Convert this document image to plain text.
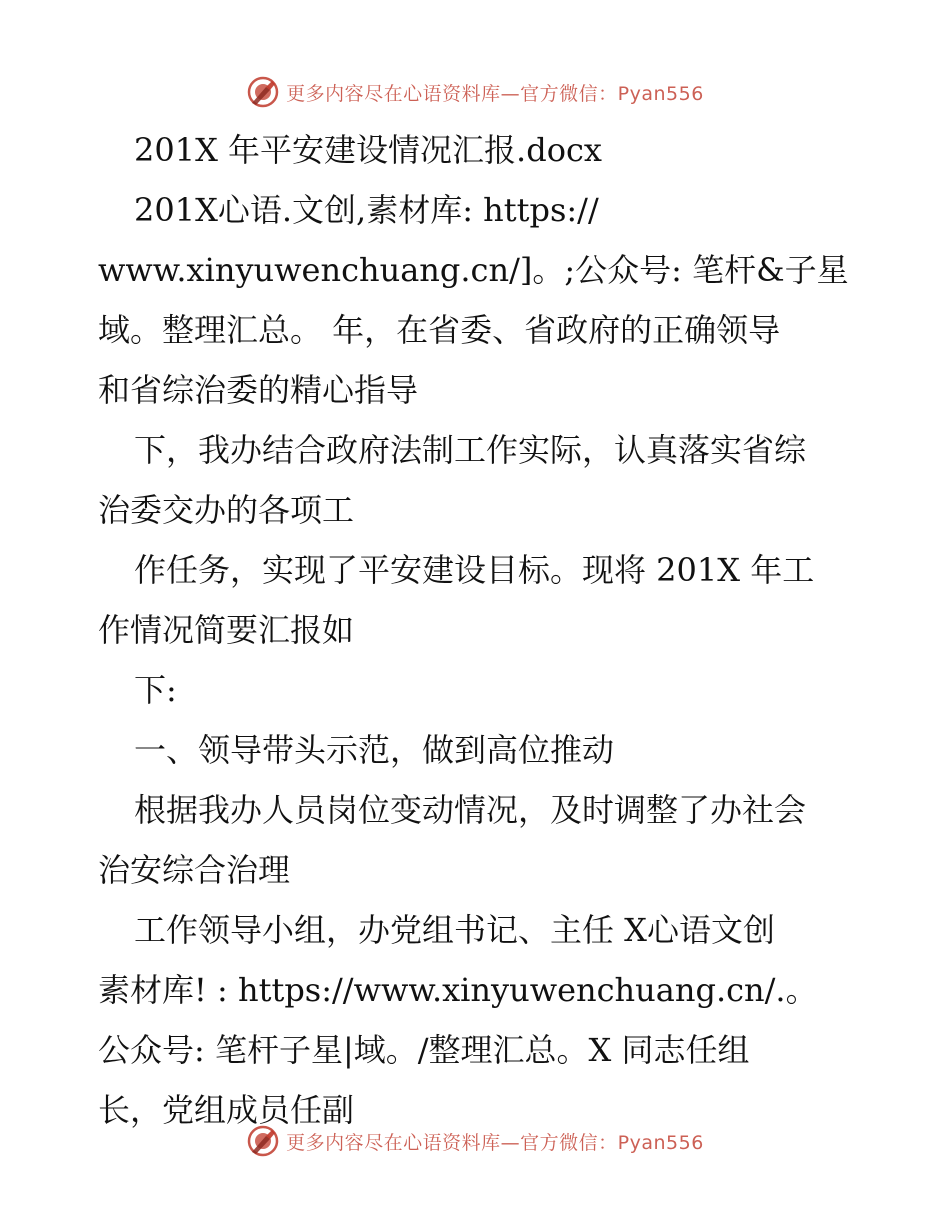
更多内容尽在心语资料库—官方微信：Pyan556

201X 年平安建设情况汇报.docx

201X心语.文创,素材库: https://

www.xinyuwenchuang.cn/]。;公众号: 笔杆&子星

域。整理汇总。 年，在省委、省政府的正确领导

和省综治委的精心指导

下，我办结合政府法制工作实际，认真落实省综

治委交办的各项工

作任务，实现了平安建设目标。现将 201X 年工

作情况简要汇报如

下:

一、领导带头示范，做到高位推动

根据我办人员岗位变动情况，及时调整了办社会

治安综合治理

工作领导小组，办党组书记、主任 X心语文创

素材库! : https://www.xinyuwenchuang.cn/.。

公众号: 笔杆子星|域。/整理汇总。X 同志任组

长，党组成员任副

更多内容尽在心语资料库—官方微信：Pyan556
